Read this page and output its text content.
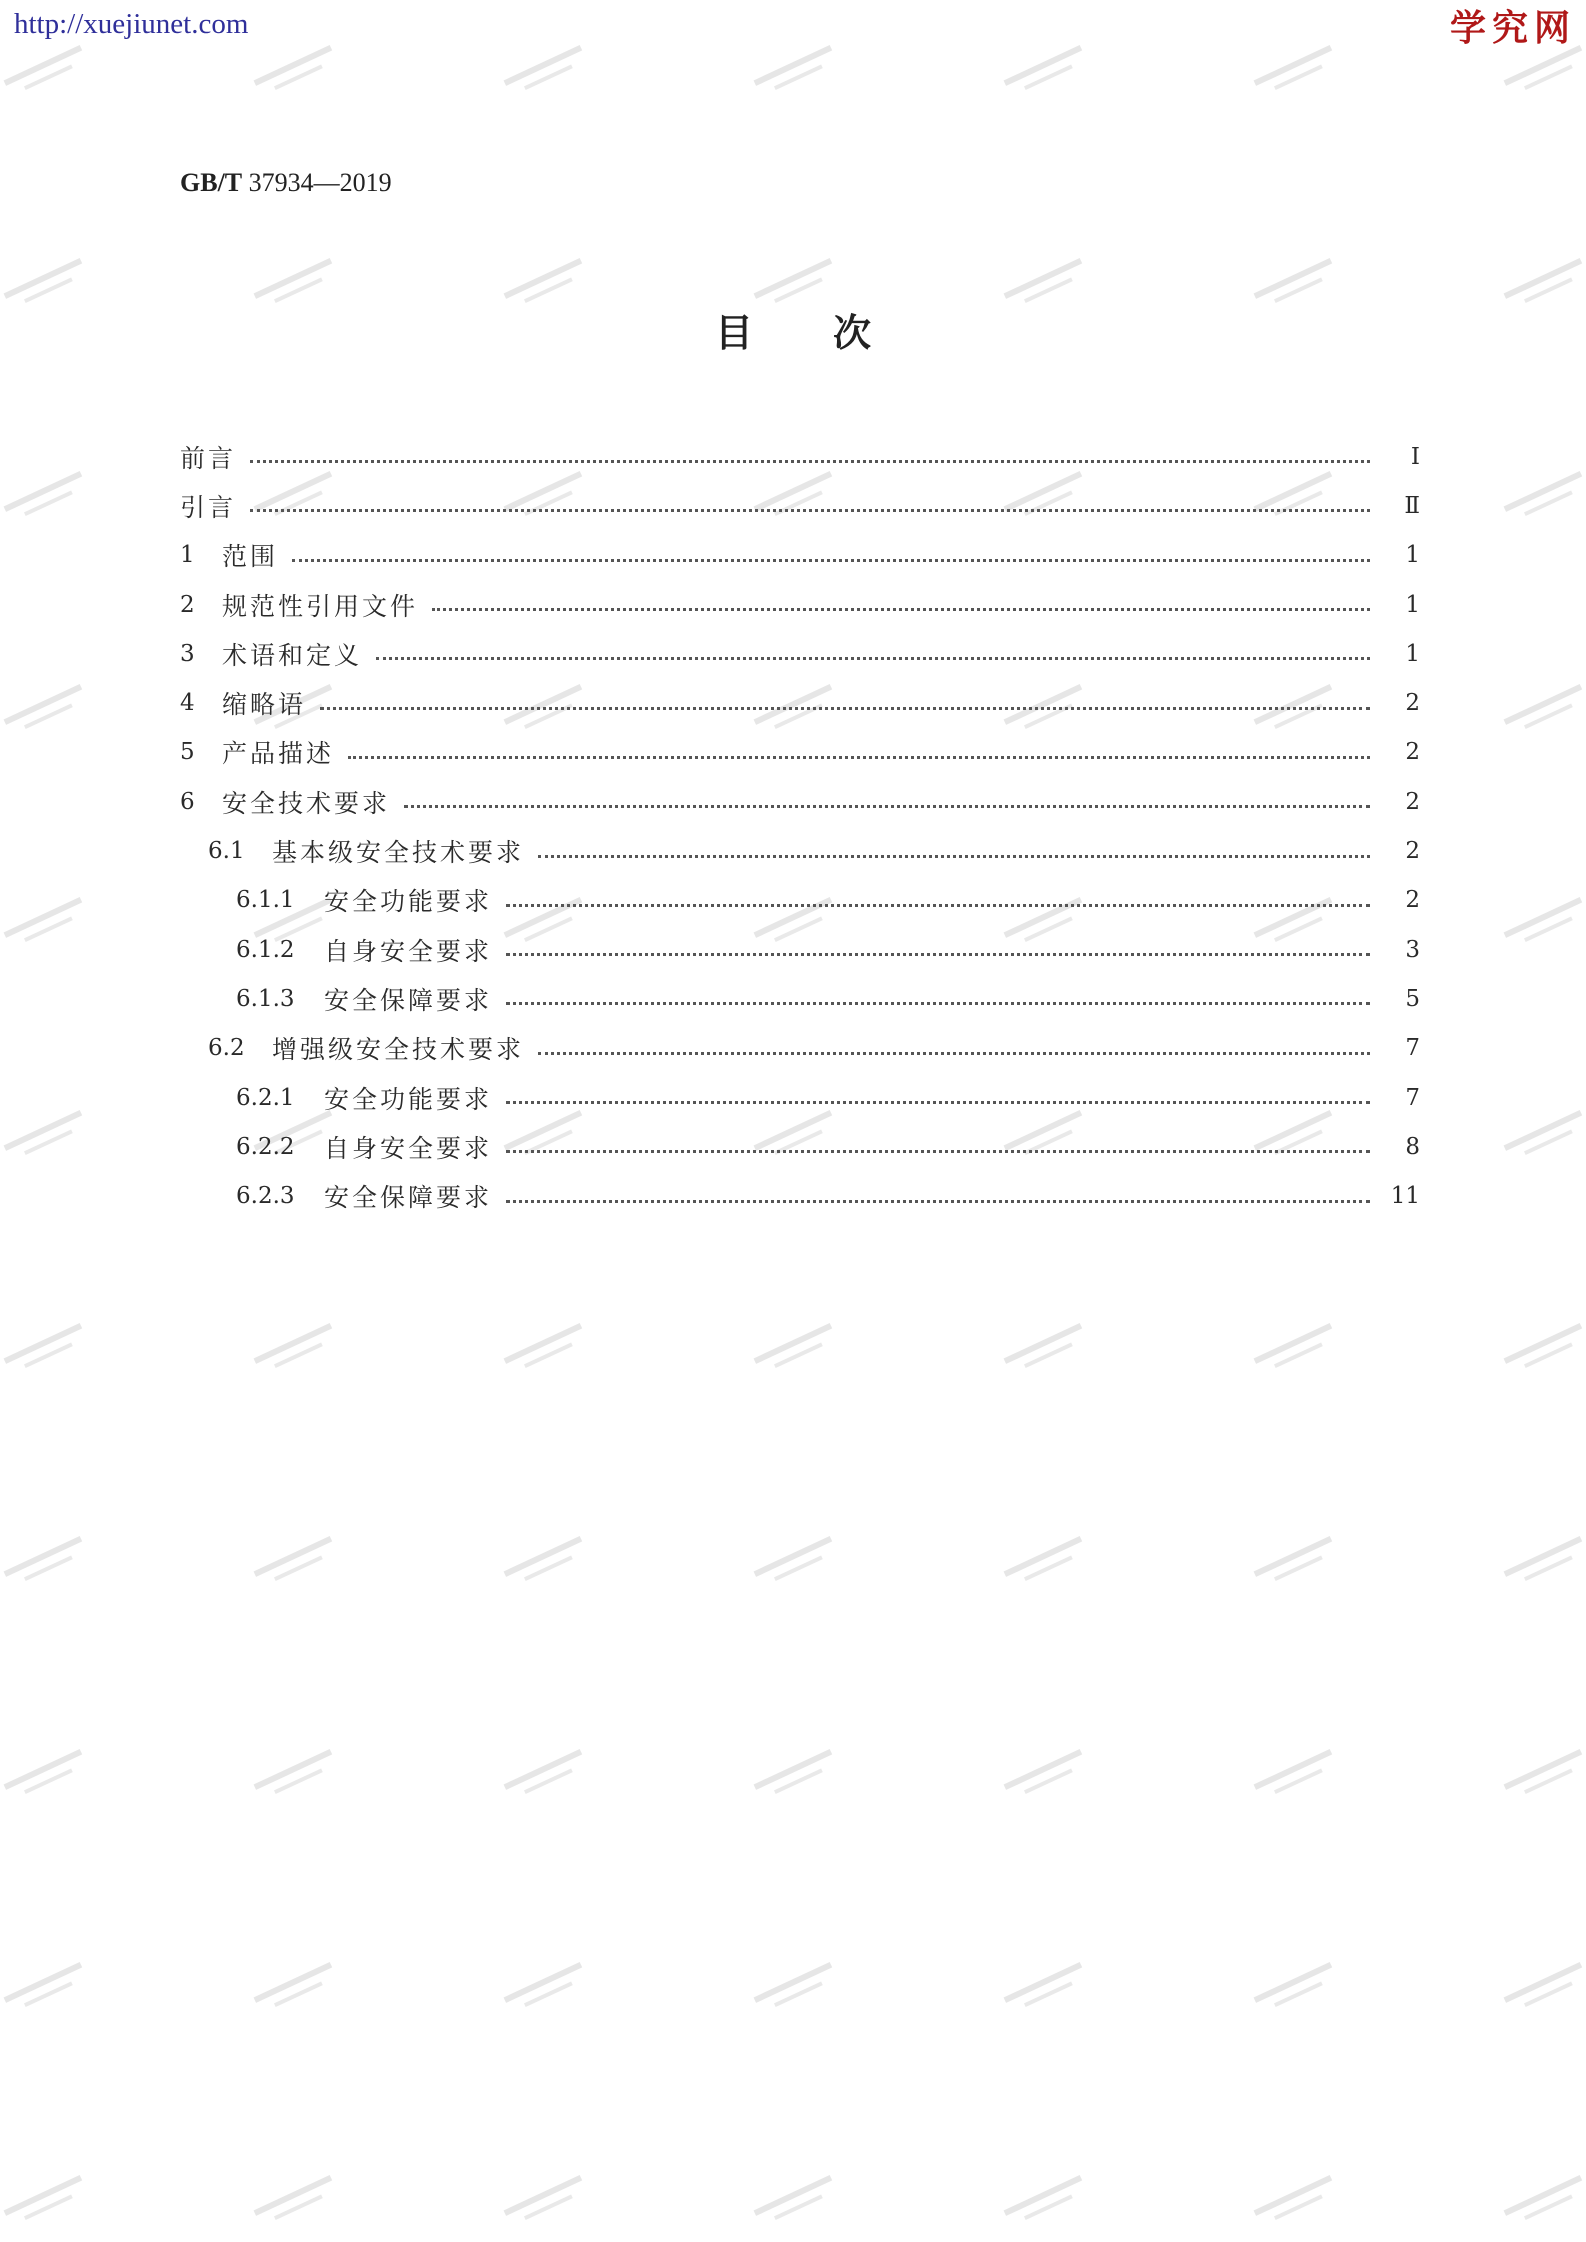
http://xuejiunet.com	学究网
GB/T 37934—2019
目次
前言	Ⅰ
引言	Ⅱ
1	范围	1
2	规范性引用文件	1
3	术语和定义	1
4	缩略语	2
5	产品描述	2
6	安全技术要求	2
6.1	基本级安全技术要求	2
6.1.1	安全功能要求	2
6.1.2	自身安全要求	3
6.1.3	安全保障要求	5
6.2	增强级安全技术要求	7
6.2.1	安全功能要求	7
6.2.2	自身安全要求	8
6.2.3	安全保障要求	11
